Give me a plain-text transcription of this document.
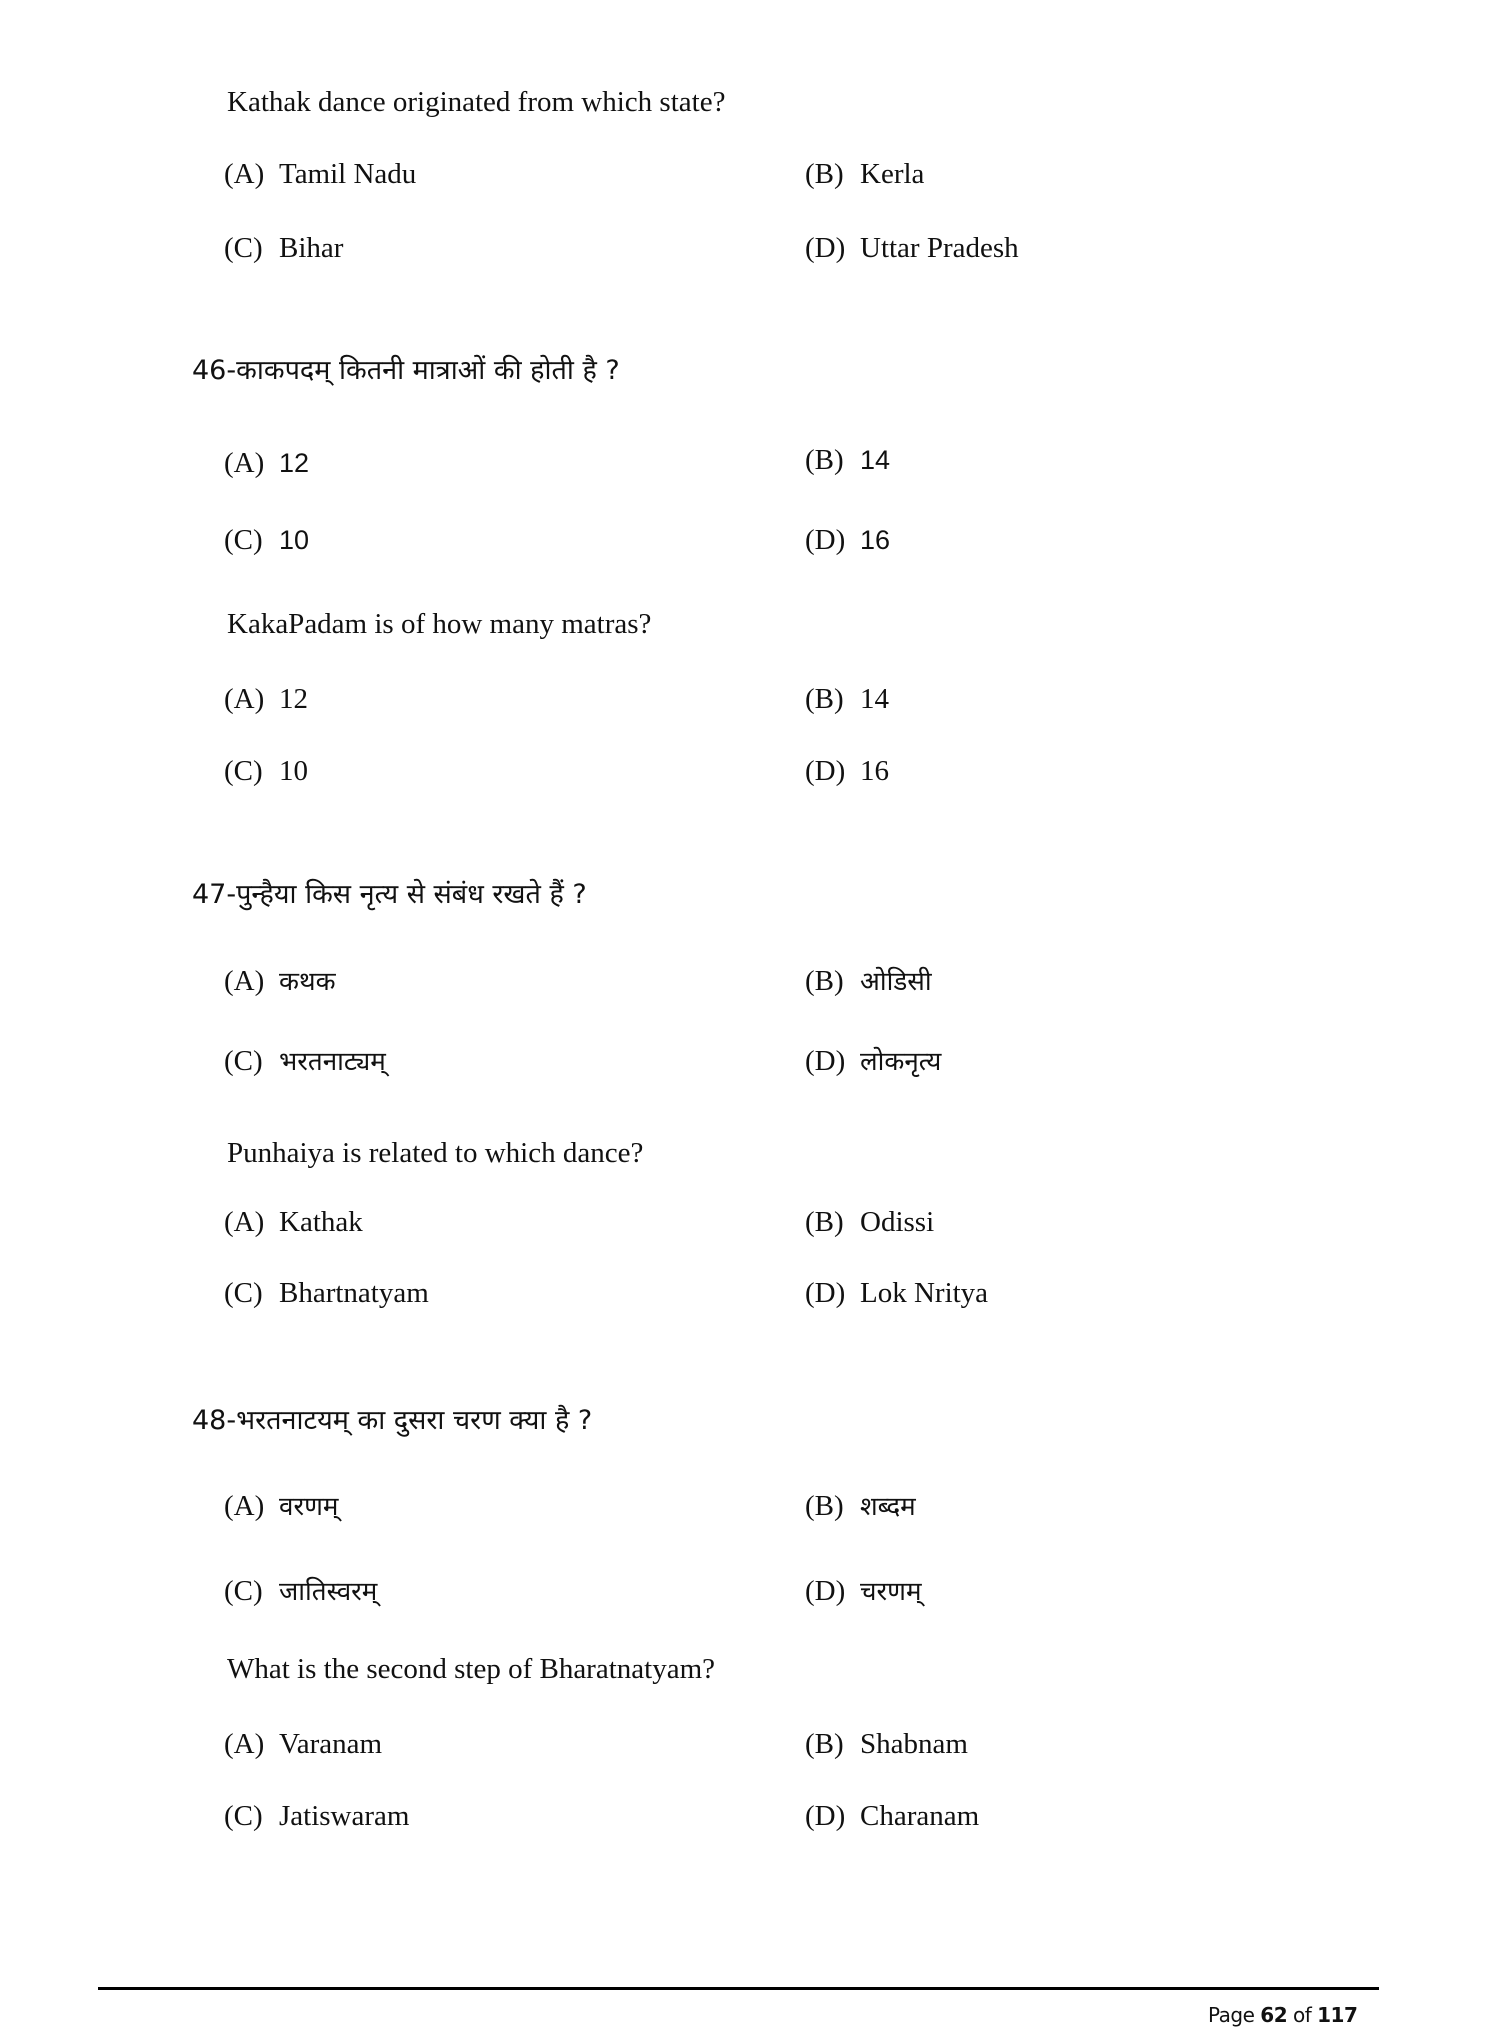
Kathak dance originated from which state?
(A) Tamil Nadu	(B) Kerla
(C) Bihar	(D) Uttar Pradesh
46-काकपदम् कितनी मात्राओं की होती है ?
(A) 12	(B) 14
(C) 10	(D) 16
KakaPadam is of how many matras?
(A) 12	(B) 14
(C) 10	(D) 16
47-पुन्हैया किस नृत्य से संबंध रखते हैं ?
(A) कथक	(B) ओडिसी
(C) भरतनाट्यम्	(D) लोकनृत्य
Punhaiya is related to which dance?
(A) Kathak	(B) Odissi
(C) Bhartnatyam	(D) Lok Nritya
48-भरतनाटयम् का दुसरा चरण क्या है ?
(A) वरणम्	(B) शब्दम
(C) जातिस्वरम्	(D) चरणम्
What is the second step of Bharatnatyam?
(A) Varanam	(B) Shabnam
(C) Jatiswaram	(D) Charanam
Page 62 of 117
